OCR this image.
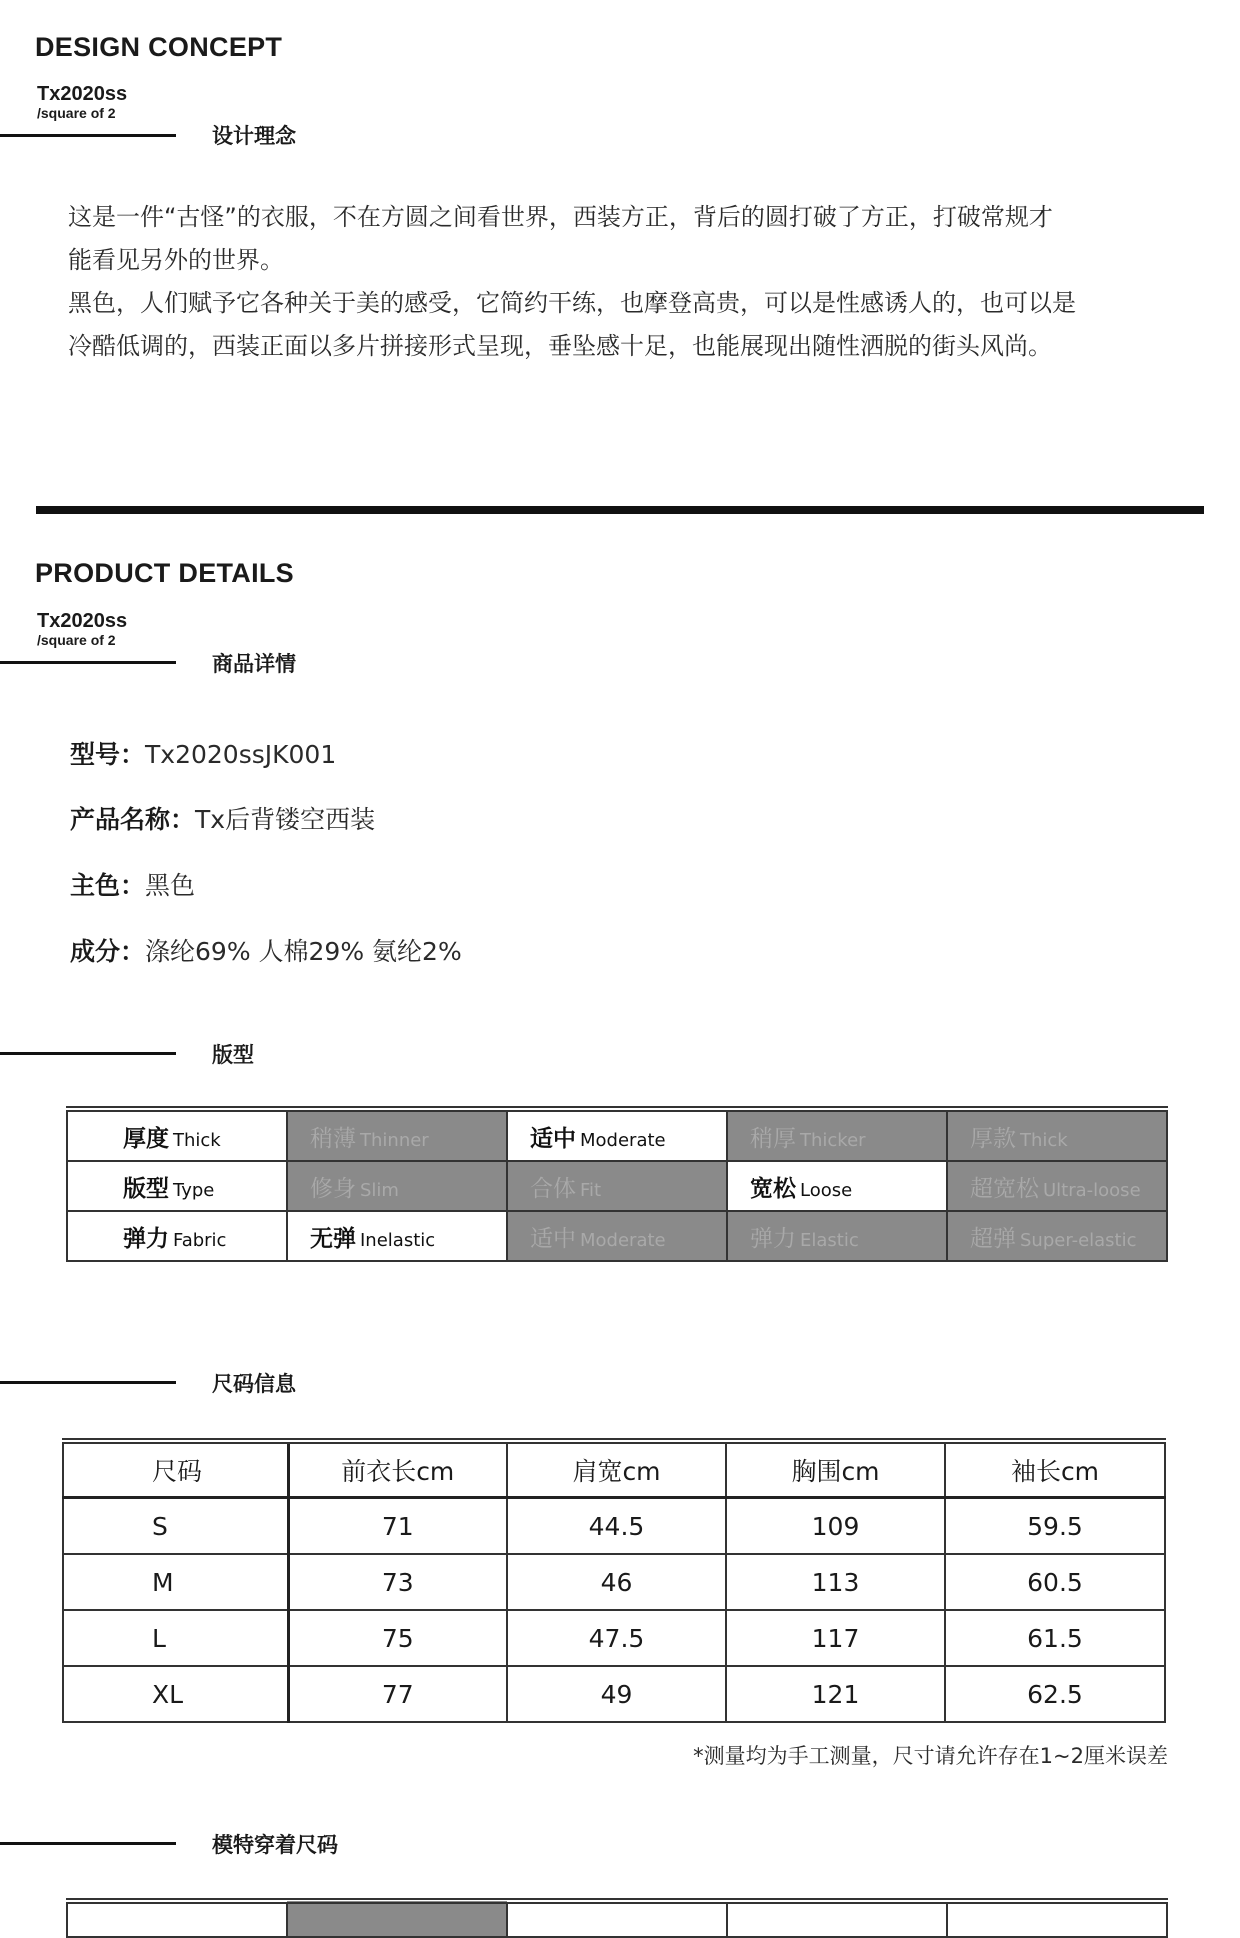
DESIGN CONCEPT
Tx2020ss
/square of 2
设计理念

这是一件“古怪”的衣服，不在方圆之间看世界，西装方正，背后的圆打破了方正，打破常规才

能看见另外的世界。

黑色，人们赋予它各种关于美的感受，它简约干练，也摩登高贵，可以是性感诱人的，也可以是

冷酷低调的，西装正面以多片拼接形式呈现，垂坠感十足，也能展现出随性洒脱的街头风尚。

PRODUCT DETAILS
Tx2020ss
/square of 2
商品详情
型号：Tx2020ssJK001
产品名称：Tx后背镂空西装
主色：黑色
成分：涤纶69% 人棉29% 氨纶2%
版型
厚度 Thick	稍薄 Thinner	适中 Moderate	稍厚 Thicker	厚款 Thick
版型 Type	修身 Slim	合体 Fit	宽松 Loose	超宽松 Ultra-loose
弹力 Fabric	无弹 Inelastic	适中 Moderate	弹力 Elastic	超弹 Super-elastic
尺码信息
尺码	前衣长cm	肩宽cm	胸围cm	袖长cm
S	71	44.5	109	59.5
M	73	46	113	60.5
L	75	47.5	117	61.5
XL	77	49	121	62.5
*测量均为手工测量，尺寸请允许存在1~2厘米误差
模特穿着尺码
